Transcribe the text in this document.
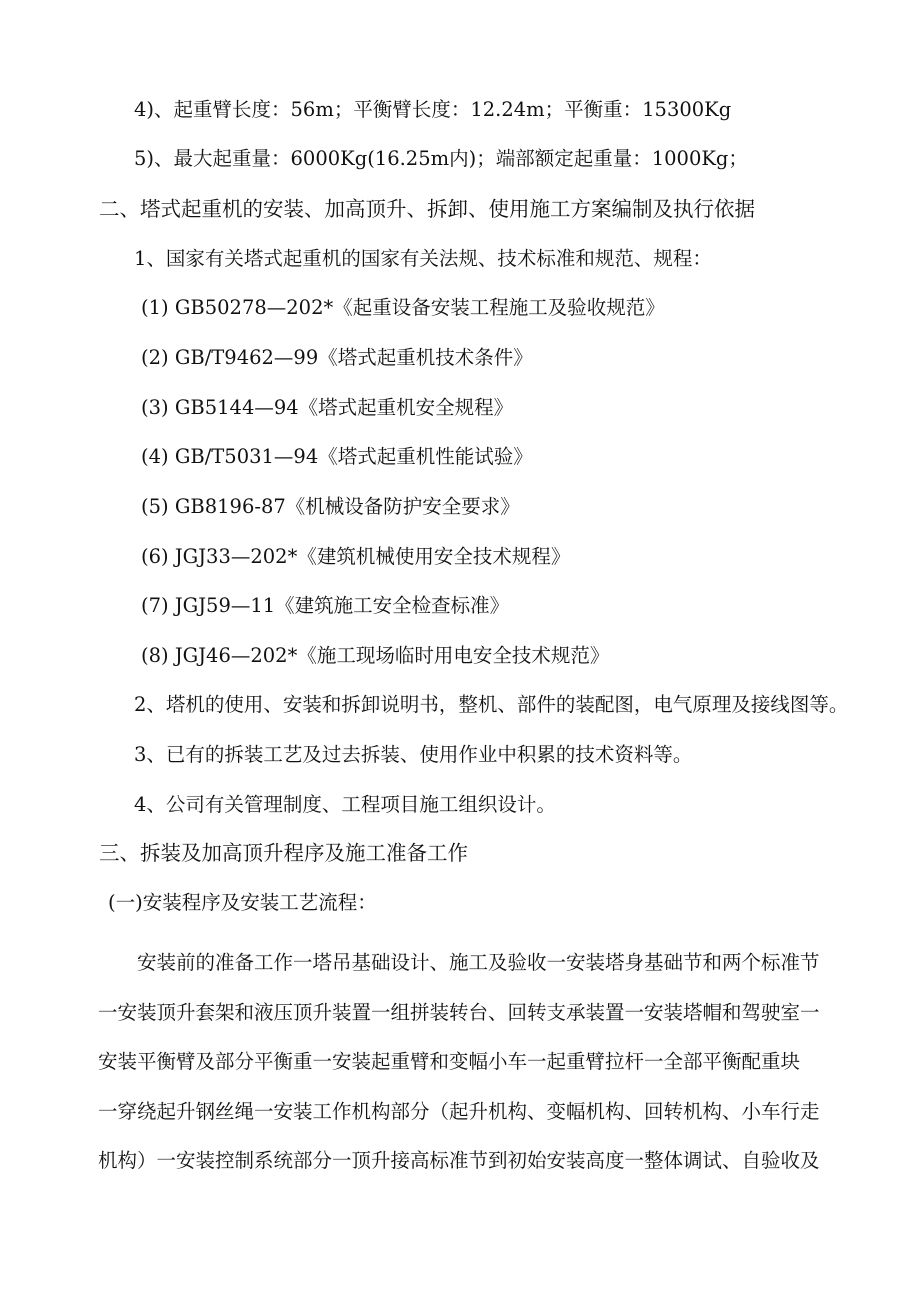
4)、起重臂长度：56m；平衡臂长度：12.24m；平衡重：15300Kg
5)、最大起重量：6000Kg(16.25m内)；端部额定起重量：1000Kg；
二、塔式起重机的安装、加高顶升、拆卸、使用施工方案编制及执行依据
1、国家有关塔式起重机的国家有关法规、技术标准和规范、规程：
(1) GB50278—202*《起重设备安装工程施工及验收规范》
(2) GB/T9462—99《塔式起重机技术条件》
(3) GB5144—94《塔式起重机安全规程》
(4) GB/T5031—94《塔式起重机性能试验》
(5) GB8196-87《机械设备防护安全要求》
(6) JGJ33—202*《建筑机械使用安全技术规程》
(7) JGJ59—11《建筑施工安全检查标准》
(8) JGJ46—202*《施工现场临时用电安全技术规范》
2、塔机的使用、安装和拆卸说明书，整机、部件的装配图，电气原理及接线图等。
3、已有的拆装工艺及过去拆装、使用作业中积累的技术资料等。
4、公司有关管理制度、工程项目施工组织设计。
三、拆装及加高顶升程序及施工准备工作
(一)安装程序及安装工艺流程：
　　安装前的准备工作一塔吊基础设计、施工及验收一安装塔身基础节和两个标准节
一安装顶升套架和液压顶升装置一组拼装转台、回转支承装置一安装塔帽和驾驶室一
安装平衡臂及部分平衡重一安装起重臂和变幅小车一起重臂拉杆一全部平衡配重块
一穿绕起升钢丝绳一安装工作机构部分（起升机构、变幅机构、回转机构、小车行走
机构）一安装控制系统部分一顶升接高标准节到初始安装高度一整体调试、自验收及
